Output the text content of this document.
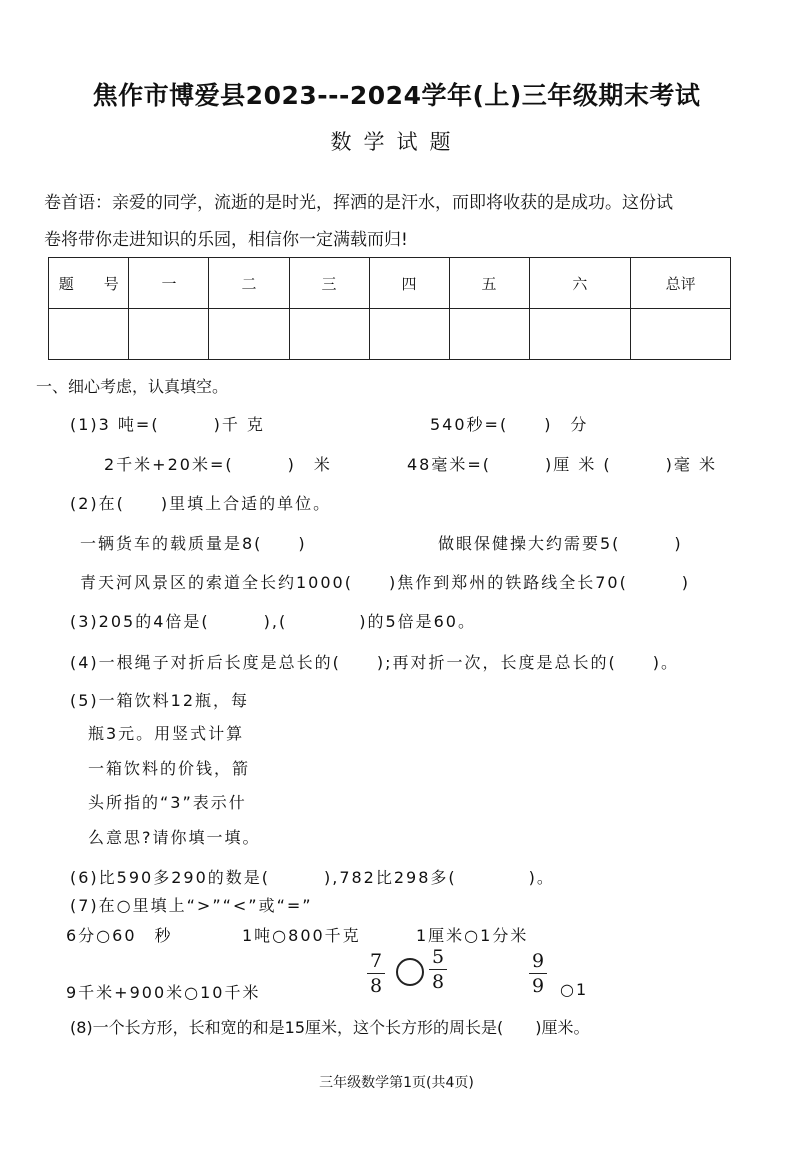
焦作市博爱县2023---2024学年(上)三年级期末考试
数学试题
卷首语：亲爱的同学，流逝的是时光，挥洒的是汗水，而即将收获的是成功。这份试
卷将带你走进知识的乐园，相信你一定满载而归!
题　　号	一	二	三	四	五	六	总评

一、细心考虑，认真填空。
(1)3 吨=(　　　)千 克	540秒=(　　)　分
2千米+20米=(　　　)　米	48毫米=(　　　)厘 米 (　　　)毫 米
(2)在(　　)里填上合适的单位。
一辆货车的载质量是8(　　)	做眼保健操大约需要5(　　　)
青天河风景区的索道全长约1000(　　)焦作到郑州的铁路线全长70(　　　)
(3)205的4倍是(　　　),(　　　　)的5倍是60。
(4)一根绳子对折后长度是总长的(　　);再对折一次，长度是总长的(　　)。
(5)一箱饮料12瓶，每
瓶3元。用竖式计算
一箱饮料的价钱，箭
头所指的“3”表示什
么意思?请你填一填。
(6)比590多290的数是(　　　),782比298多(　　　　)。
(7)在○里填上“>”“<”或“=”
6分○60　秒	1吨○800千克	1厘米○1分米
9千米+900米○10千米
7
8
5
8
9
9 ○1
(8)一个长方形，长和宽的和是15厘米，这个长方形的周长是(　　)厘米。
三年级数学第1页(共4页)
